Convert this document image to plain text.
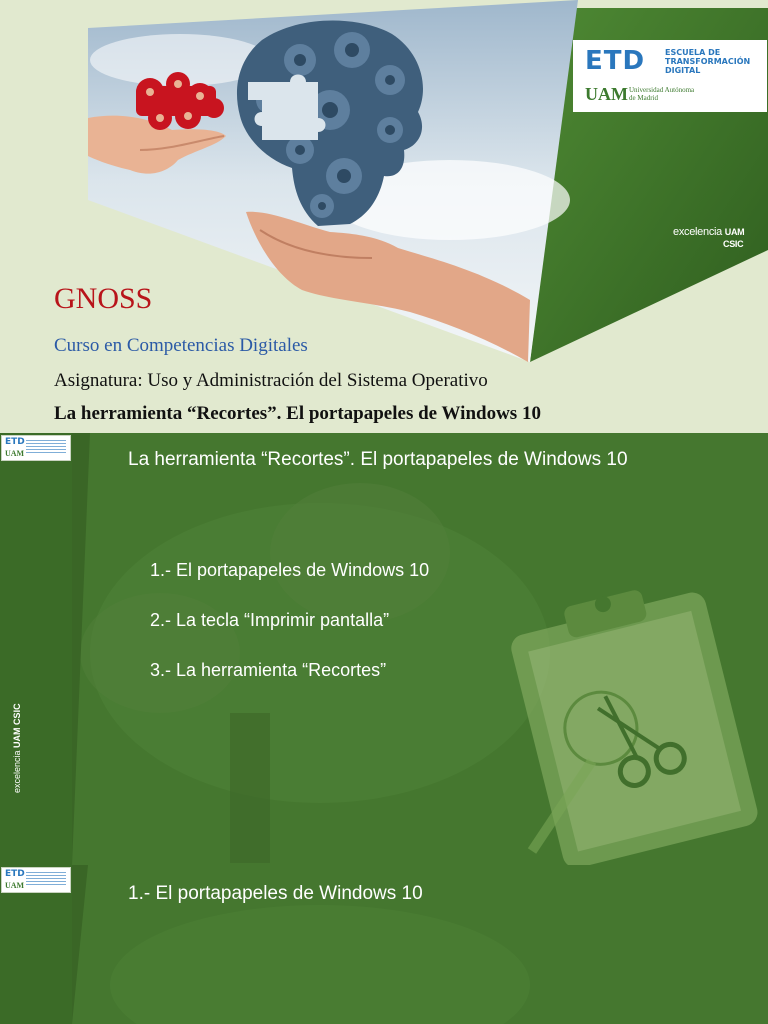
ETD ESCUELA DE
TRANSFORMACIÓN
DIGITAL
UAM Universidad Autónoma
de Madrid
excelencia UAM
CSIC
GNOSS
Curso en Competencias Digitales
Asignatura: Uso y Administración del Sistema Operativo
La herramienta “Recortes”. El portapapeles de Windows 10
ETD
UAM
excelencia UAM CSIC
La herramienta “Recortes”. El portapapeles de Windows 10
1.- El portapapeles de Windows 10
2.- La tecla “Imprimir pantalla”
3.- La herramienta “Recortes”
ETD
UAM	1.- El portapapeles de Windows 10
